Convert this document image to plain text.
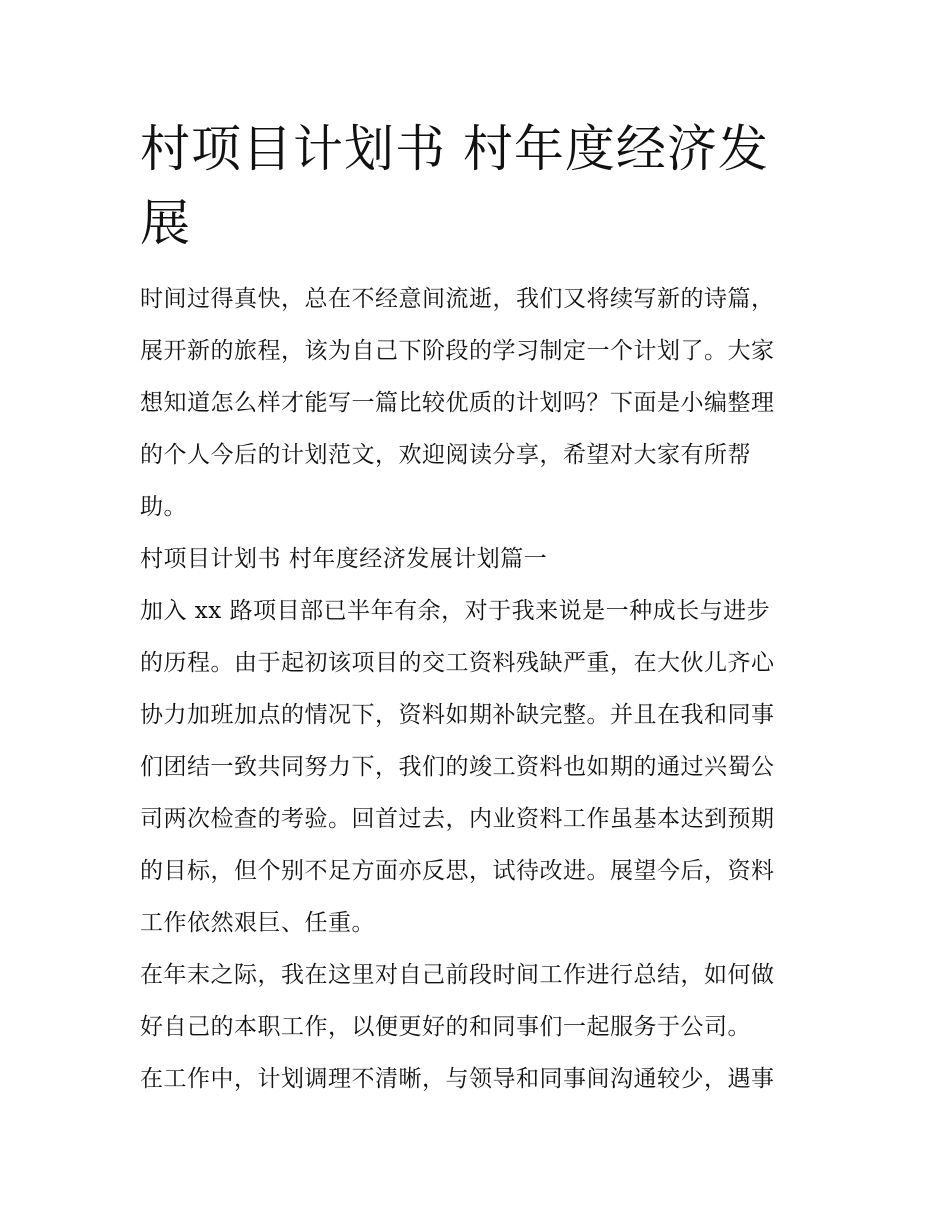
村项目计划书 村年度经济发展

时间过得真快，总在不经意间流逝，我们又将续写新的诗篇，
展开新的旅程，该为自己下阶段的学习制定一个计划了。大家
想知道怎么样才能写一篇比较优质的计划吗？下面是小编整理
的个人今后的计划范文，欢迎阅读分享，希望对大家有所帮
助。
村项目计划书 村年度经济发展计划篇一
加入 xx 路项目部已半年有余，对于我来说是一种成长与进步
的历程。由于起初该项目的交工资料残缺严重，在大伙儿齐心
协力加班加点的情况下，资料如期补缺完整。并且在我和同事
们团结一致共同努力下，我们的竣工资料也如期的通过兴蜀公
司两次检查的考验。回首过去，内业资料工作虽基本达到预期
的目标，但个别不足方面亦反思，试待改进。展望今后，资料
工作依然艰巨、任重。
在年末之际，我在这里对自己前段时间工作进行总结，如何做
好自己的本职工作，以便更好的和同事们一起服务于公司。
在工作中，计划调理不清晰，与领导和同事间沟通较少，遇事
